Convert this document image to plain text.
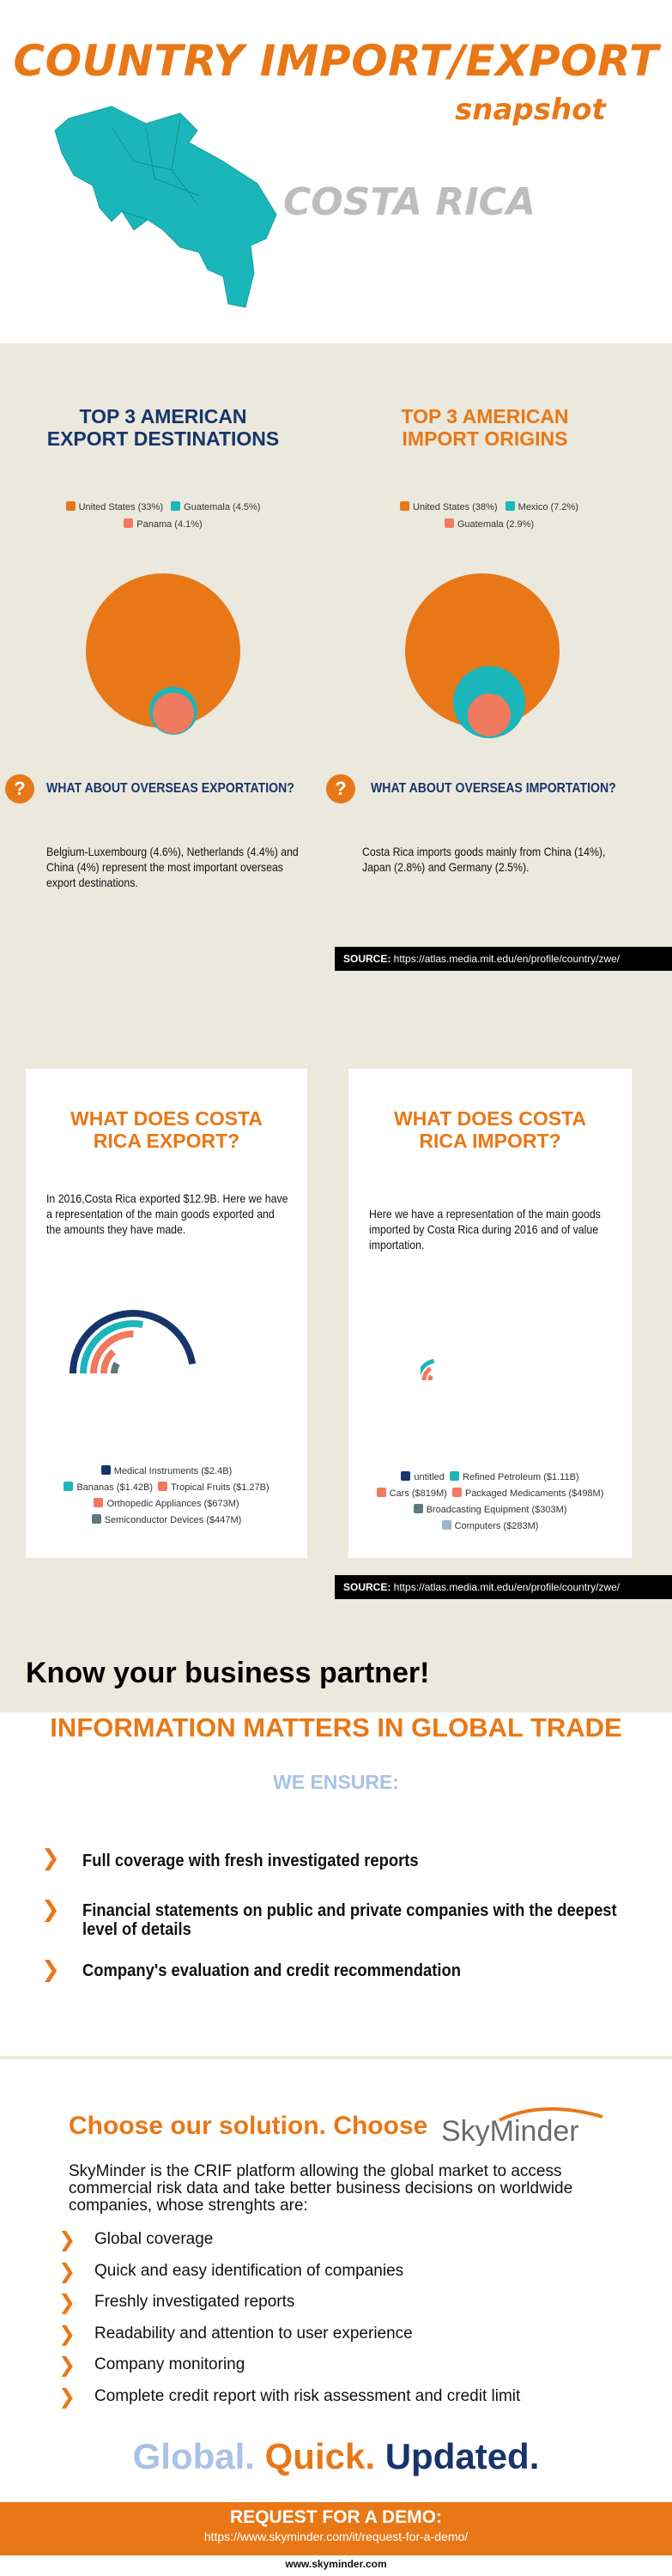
COUNTRY IMPORT/EXPORT
snapshot
COSTA RICA
TOP 3 AMERICAN
EXPORT DESTINATIONS
United States (33%) Guatemala (4.5%)
Panama (4.1%)
TOP 3 AMERICAN
IMPORT ORIGINS
United States (38%) Mexico (7.2%)
Guatemala (2.9%)
?	WHAT ABOUT OVERSEAS EXPORTATION?	?	WHAT ABOUT OVERSEAS IMPORTATION?
Belgium-Luxembourg (4.6%), Netherlands (4.4%) and China (4%) represent the most important overseas export destinations.
Costa Rica imports goods mainly from China (14%), Japan (2.8%) and Germany (2.5%).
SOURCE: https://atlas.media.mit.edu/en/profile/country/zwe/
WHAT DOES COSTA
RICA EXPORT?
In 2016,Costa Rica exported $12.9B. Here we have a representation of the main goods exported and the amounts they have made.
Medical Instruments ($2.4B)
Bananas ($1.42B) Tropical Fruits ($1.27B)
Orthopedic Appliances ($673M)
Semiconductor Devices ($447M)
WHAT DOES COSTA
RICA IMPORT?
Here we have a representation of the main goods imported by Costa Rica during 2016 and of value importation.
untitled Refined Petroleum ($1.11B)
Cars ($819M) Packaged Medicaments ($498M)
Broadcasting Equipment ($303M)
Computers ($283M)
SOURCE: https://atlas.media.mit.edu/en/profile/country/zwe/
Know your business partner!
INFORMATION MATTERS IN GLOBAL TRADE
WE ENSURE:
❯ Full coverage with fresh investigated reports
❯ Financial statements on public and private companies with the deepest level of details
❯ Company's evaluation and credit recommendation
Choose our solution. Choose SkyMinder
SkyMinder is the CRIF platform allowing the global market to access commercial risk data and take better business decisions on worldwide companies, whose strenghts are:
❯ Global coverage
❯ Quick and easy identification of companies
❯ Freshly investigated reports
❯ Readability and attention to user experience
❯ Company monitoring
❯ Complete credit report with risk assessment and credit limit
Global. Quick. Updated.
REQUEST FOR A DEMO:
https://www.skyminder.com/it/request-for-a-demo/
www.skyminder.com
